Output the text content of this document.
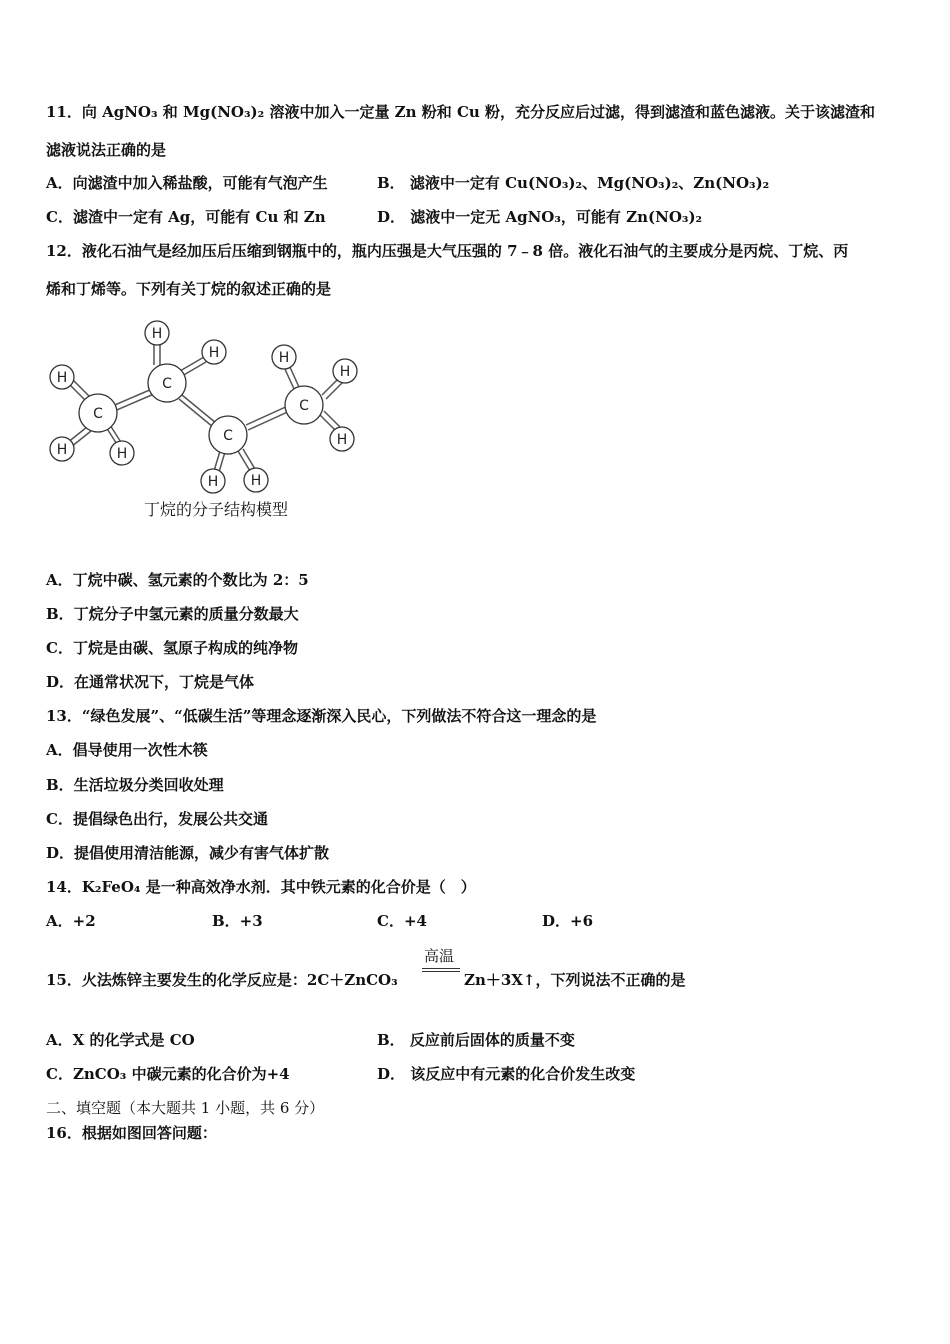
11．向 AgNO₃ 和 Mg(NO₃)₂ 溶液中加入一定量 Zn 粉和 Cu 粉，充分反应后过滤，得到滤渣和蓝色滤液。关于该滤渣和
滤液说法正确的是
A．向滤渣中加入稀盐酸，可能有气泡产生	B． 滤液中一定有 Cu(NO₃)₂、Mg(NO₃)₂、Zn(NO₃)₂
C．滤渣中一定有 Ag，可能有 Cu 和 Zn	D． 滤液中一定无 AgNO₃，可能有 Zn(NO₃)₂
12．液化石油气是经加压后压缩到钢瓶中的，瓶内压强是大气压强的 7﹣8 倍。液化石油气的主要成分是丙烷、丁烷、丙
烯和丁烯等。下列有关丁烷的叙述正确的是
C
C
C
C
H
H	H
H
H
H H
H
H
H
丁烷的分子结构模型
A．丁烷中碳、氢元素的个数比为 2：5
B．丁烷分子中氢元素的质量分数最大
C．丁烷是由碳、氢原子构成的纯净物
D．在通常状况下，丁烷是气体
13．“绿色发展”、“低碳生活”等理念逐渐深入民心，下列做法不符合这一理念的是
A．倡导使用一次性木筷
B．生活垃圾分类回收处理
C．提倡绿色出行，发展公共交通
D．提倡使用清洁能源，减少有害气体扩散
14．K₂FeO₄ 是一种高效净水剂．其中铁元素的化合价是（　）
A．+2	B．+3	C．+4	D．+6
15．火法炼锌主要发生的化学反应是：2C＋ZnCO₃
高温
Zn＋3X↑，下列说法不正确的是
A．X 的化学式是 CO	B． 反应前后固体的质量不变
C．ZnCO₃ 中碳元素的化合价为+4	D． 该反应中有元素的化合价发生改变
二、填空题（本大题共 1 小题，共 6 分）
16．根据如图回答问题：
